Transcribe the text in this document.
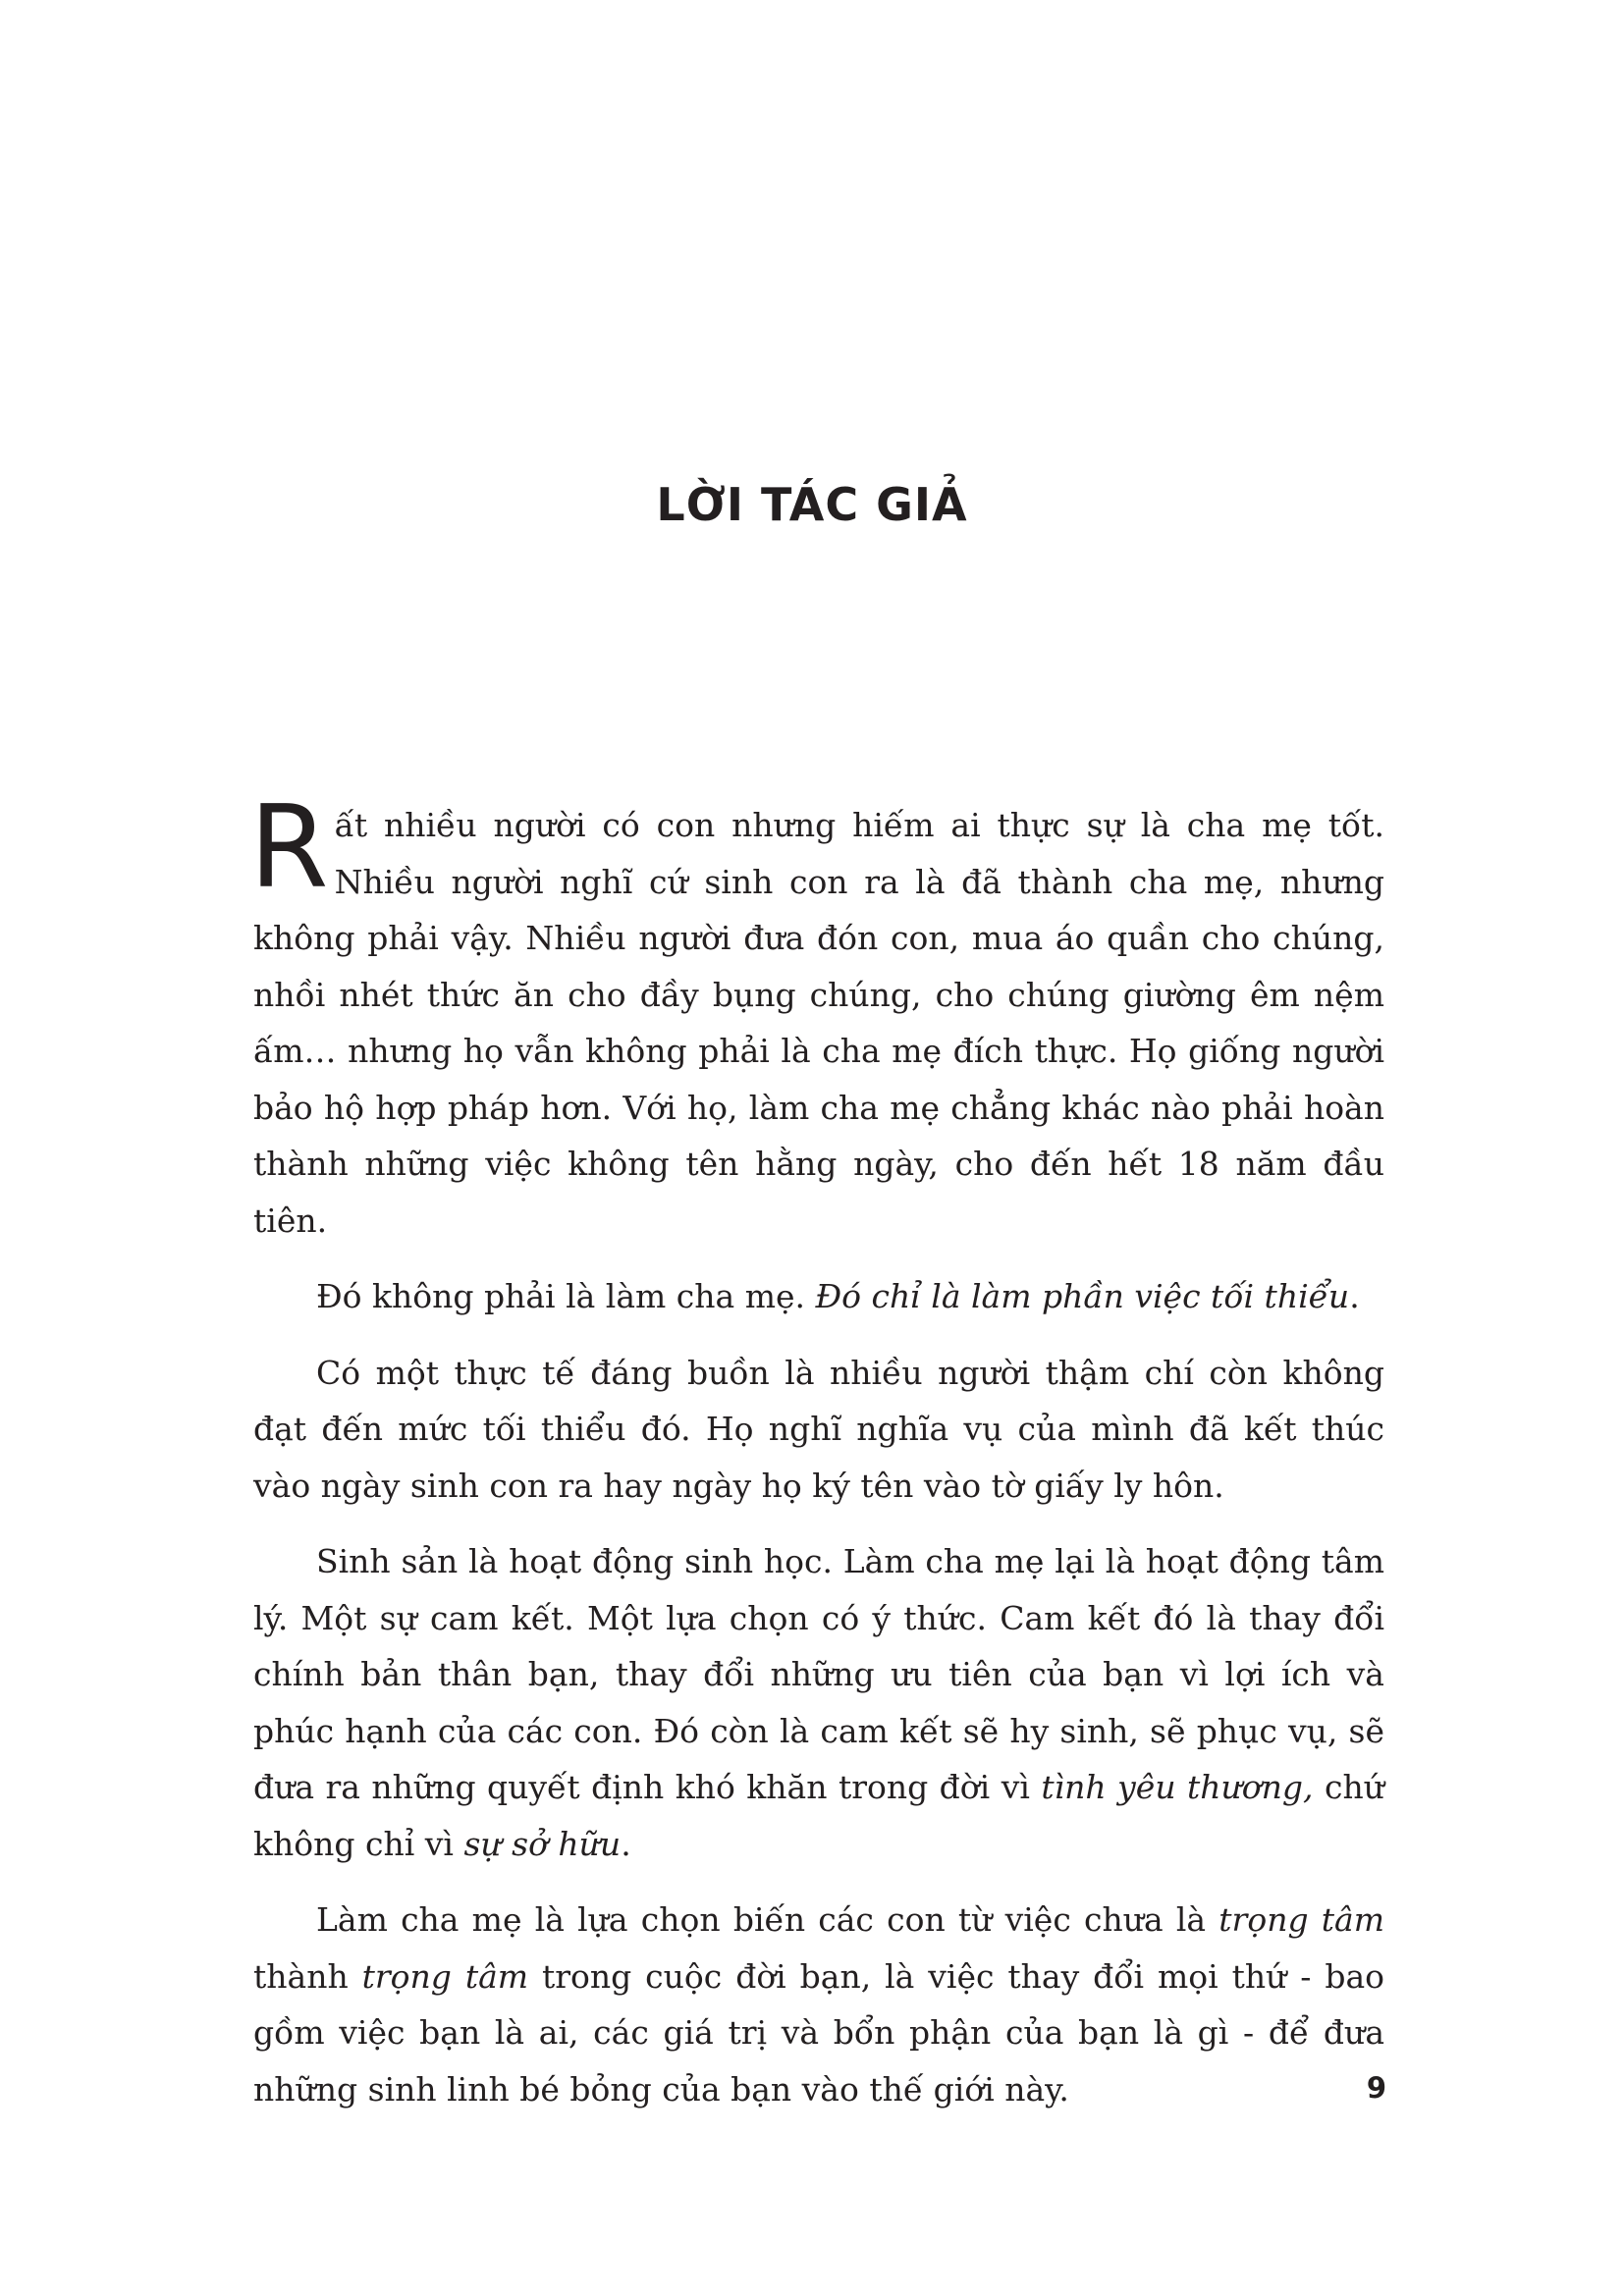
LỜI TÁC GIẢ

Rất nhiều người có con nhưng hiếm ai thực sự là cha mẹ tốt. Nhiều người nghĩ cứ sinh con ra là đã thành cha mẹ, nhưng không phải vậy. Nhiều người đưa đón con, mua áo quần cho chúng, nhồi nhét thức ăn cho đầy bụng chúng, cho chúng giường êm nệm ấm… nhưng họ vẫn không phải là cha mẹ đích thực. Họ giống người bảo hộ hợp pháp hơn. Với họ, làm cha mẹ chẳng khác nào phải hoàn thành những việc không tên hằng ngày, cho đến hết 18 năm đầu tiên.

Đó không phải là làm cha mẹ. Đó chỉ là làm phần việc tối thiểu.

Có một thực tế đáng buồn là nhiều người thậm chí còn không đạt đến mức tối thiểu đó. Họ nghĩ nghĩa vụ của mình đã kết thúc vào ngày sinh con ra hay ngày họ ký tên vào tờ giấy ly hôn.

Sinh sản là hoạt động sinh học. Làm cha mẹ lại là hoạt động tâm lý. Một sự cam kết. Một lựa chọn có ý thức. Cam kết đó là thay đổi chính bản thân bạn, thay đổi những ưu tiên của bạn vì lợi ích và phúc hạnh của các con. Đó còn là cam kết sẽ hy sinh, sẽ phục vụ, sẽ đưa ra những quyết định khó khăn trong đời vì tình yêu thương, chứ không chỉ vì sự sở hữu.

Làm cha mẹ là lựa chọn biến các con từ việc chưa là trọng tâm thành trọng tâm trong cuộc đời bạn, là việc thay đổi mọi thứ - bao gồm việc bạn là ai, các giá trị và bổn phận của bạn là gì - để đưa những sinh linh bé bỏng của bạn vào thế giới này.	9
